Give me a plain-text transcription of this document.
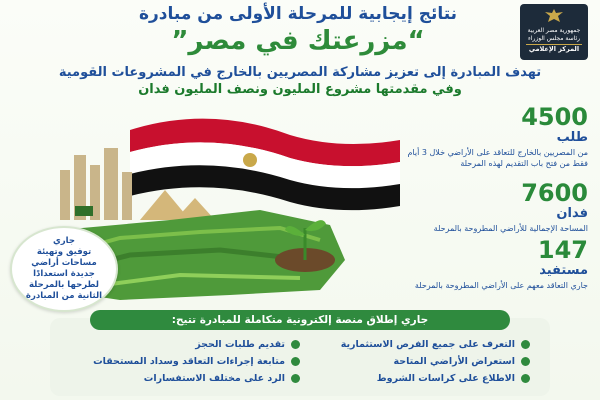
جمهورية مصر العربية
رئاسة مجلس الوزراء
المركز الإعلامي
نتائج إيجابية للمرحلة الأولى من مبادرة
“مزرعتك في مصر”
تهدف المبادرة إلى تعزيز مشاركة المصريين بالخارج في المشروعات القومية
وفي مقدمتها مشروع المليون ونصف المليون فدان
4500
طلب
من المصريين بالخارج للتعاقد على الأراضي خلال 3 أيام فقط من فتح باب التقديم لهذه المرحلة
7600
فدان
المساحة الإجمالية للأراضي المطروحة بالمرحلة
147
مستفيد
جاري التعاقد معهم على الأراضي المطروحة بالمرحلة
جاري
توفيق وتهيئة
مساحات أراضي
جديدة استعدادًا
لطرحها بالمرحلة
الثانية من المبادرة
جاري إطلاق منصة إلكترونية متكاملة للمبادرة تتيح:
التعرف على جميع الفرص الاستثمارية
استعراض الأراضي المتاحة
الاطلاع على كراسات الشروط
تقديم طلبات الحجز
متابعة إجراءات التعاقد وسداد المستحقات
الرد على مختلف الاستفسارات
